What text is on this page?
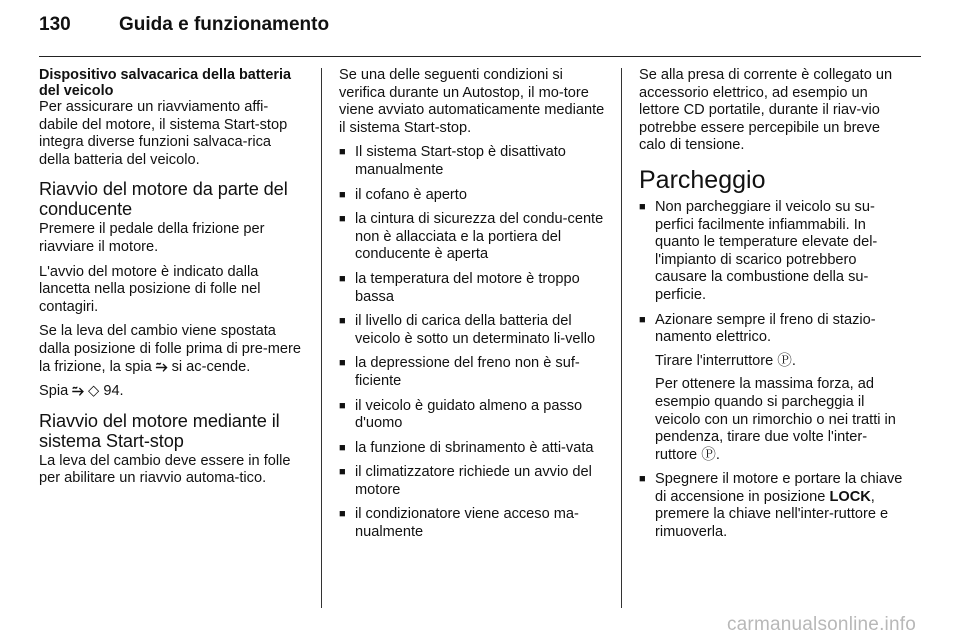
130	Guida e funzionamento
Dispositivo salvacarica della batteria del veicolo

Per assicurare un riavviamento affi-dabile del motore, il sistema Start-stop integra diverse funzioni salvaca-rica della batteria del veicolo.

Riavvio del motore da parte del conducente

Premere il pedale della frizione per riavviare il motore.

L'avvio del motore è indicato dalla lancetta nella posizione di folle nel contagiri.

Se la leva del cambio viene spostata dalla posizione di folle prima di pre-mere la frizione, la spia ⥲ si ac-cende.

Spia ⥲ ◇ 94.

Riavvio del motore mediante il sistema Start-stop

La leva del cambio deve essere in folle per abilitare un riavvio automa-tico.

Se una delle seguenti condizioni si verifica durante un Autostop, il mo-tore viene avviato automaticamente mediante il sistema Start-stop.

■ Il sistema Start-stop è disattivato manualmente
■ il cofano è aperto
■ la cintura di sicurezza del condu-cente non è allacciata e la portiera del conducente è aperta
■ la temperatura del motore è troppo bassa
■ il livello di carica della batteria del veicolo è sotto un determinato li-vello
■ la depressione del freno non è suf-ficiente
■ il veicolo è guidato almeno a passo d'uomo
■ la funzione di sbrinamento è atti-vata
■ il climatizzatore richiede un avvio del motore
■ il condizionatore viene acceso ma-nualmente

Se alla presa di corrente è collegato un accessorio elettrico, ad esempio un lettore CD portatile, durante il riav-vio potrebbe essere percepibile un breve calo di tensione.

Parcheggio
■ Non parcheggiare il veicolo su su-perfici facilmente infiammabili. In quanto le temperature elevate del-l'impianto di scarico potrebbero causare la combustione della su-perficie.
■ Azionare sempre il freno di stazio-namento elettrico.
Tirare l'interruttore Ⓟ.
Per ottenere la massima forza, ad esempio quando si parcheggia il veicolo con un rimorchio o nei tratti in pendenza, tirare due volte l'inter-ruttore Ⓟ.
■ Spegnere il motore e portare la chiave di accensione in posizione LOCK, premere la chiave nell'inter-ruttore e rimuoverla.
carmanualsonline.info
